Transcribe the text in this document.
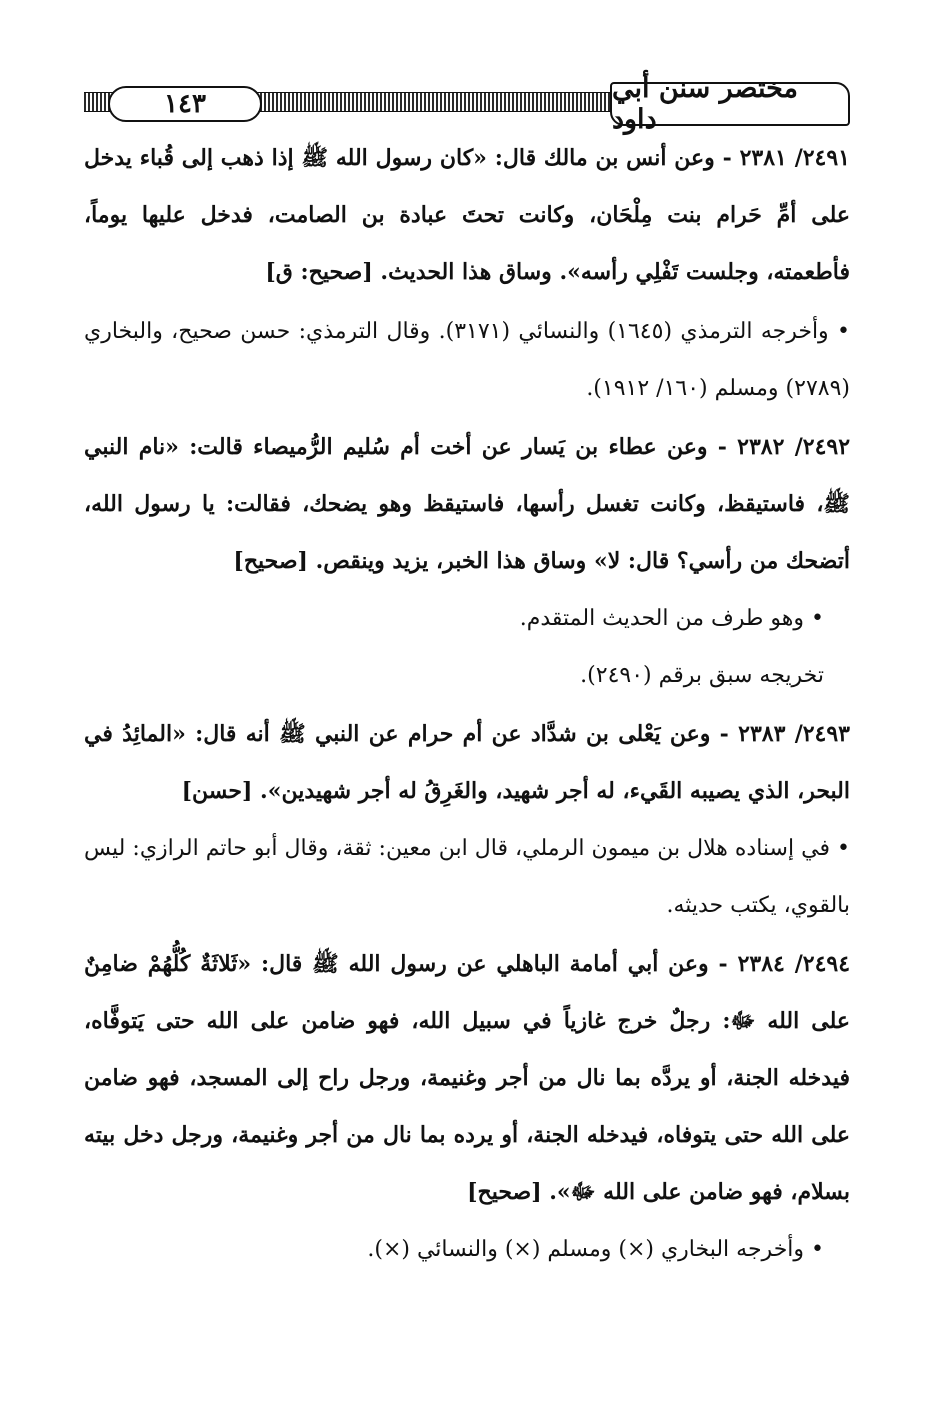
١٤٣	مختصر سنن أبي داود

٢٤٩١/ ٢٣٨١ - وعن أنس بن مالك قال: «كان رسول الله ﷺ إذا ذهب إلى قُباء يدخل على أمِّ حَرام بنت مِلْحَان، وكانت تحتَ عبادة بن الصامت، فدخل عليها يوماً، فأطعمته، وجلست تَفْلِي رأسه». وساق هذا الحديث. [صحيح: ق]

• وأخرجه الترمذي (١٦٤٥) والنسائي (٣١٧١). وقال الترمذي: حسن صحيح، والبخاري (٢٧٨٩) ومسلم (١٦٠/ ١٩١٢).

٢٤٩٢/ ٢٣٨٢ - وعن عطاء بن يَسار عن أخت أم سُليم الرُّميصاء قالت: «نام النبي ﷺ، فاستيقظ، وكانت تغسل رأسها، فاستيقظ وهو يضحك، فقالت: يا رسول الله، أتضحك من رأسي؟ قال: لا» وساق هذا الخبر، يزيد وينقص. [صحيح]

• وهو طرف من الحديث المتقدم.

تخريجه سبق برقم (٢٤٩٠).

٢٤٩٣/ ٢٣٨٣ - وعن يَعْلى بن شدَّاد عن أم حرام عن النبي ﷺ أنه قال: «المائِدُ في البحر، الذي يصيبه القَيء، له أجر شهيد، والغَرِقُ له أجر شهيدين». [حسن]

• في إسناده هلال بن ميمون الرملي، قال ابن معين: ثقة، وقال أبو حاتم الرازي: ليس بالقوي، يكتب حديثه.

٢٤٩٤/ ٢٣٨٤ - وعن أبي أمامة الباهلي عن رسول الله ﷺ قال: «ثَلاثَةٌ كُلُّهُمْ ضامِنٌ على الله ﷻ: رجلٌ خرج غازياً في سبيل الله، فهو ضامن على الله حتى يَتوفَّاه، فيدخله الجنة، أو يردَّه بما نال من أجر وغنيمة، ورجل راح إلى المسجد، فهو ضامن على الله حتى يتوفاه، فيدخله الجنة، أو يرده بما نال من أجر وغنيمة، ورجل دخل بيته بسلام، فهو ضامن على الله ﷻ». [صحيح]

• وأخرجه البخاري (×) ومسلم (×) والنسائي (×).
